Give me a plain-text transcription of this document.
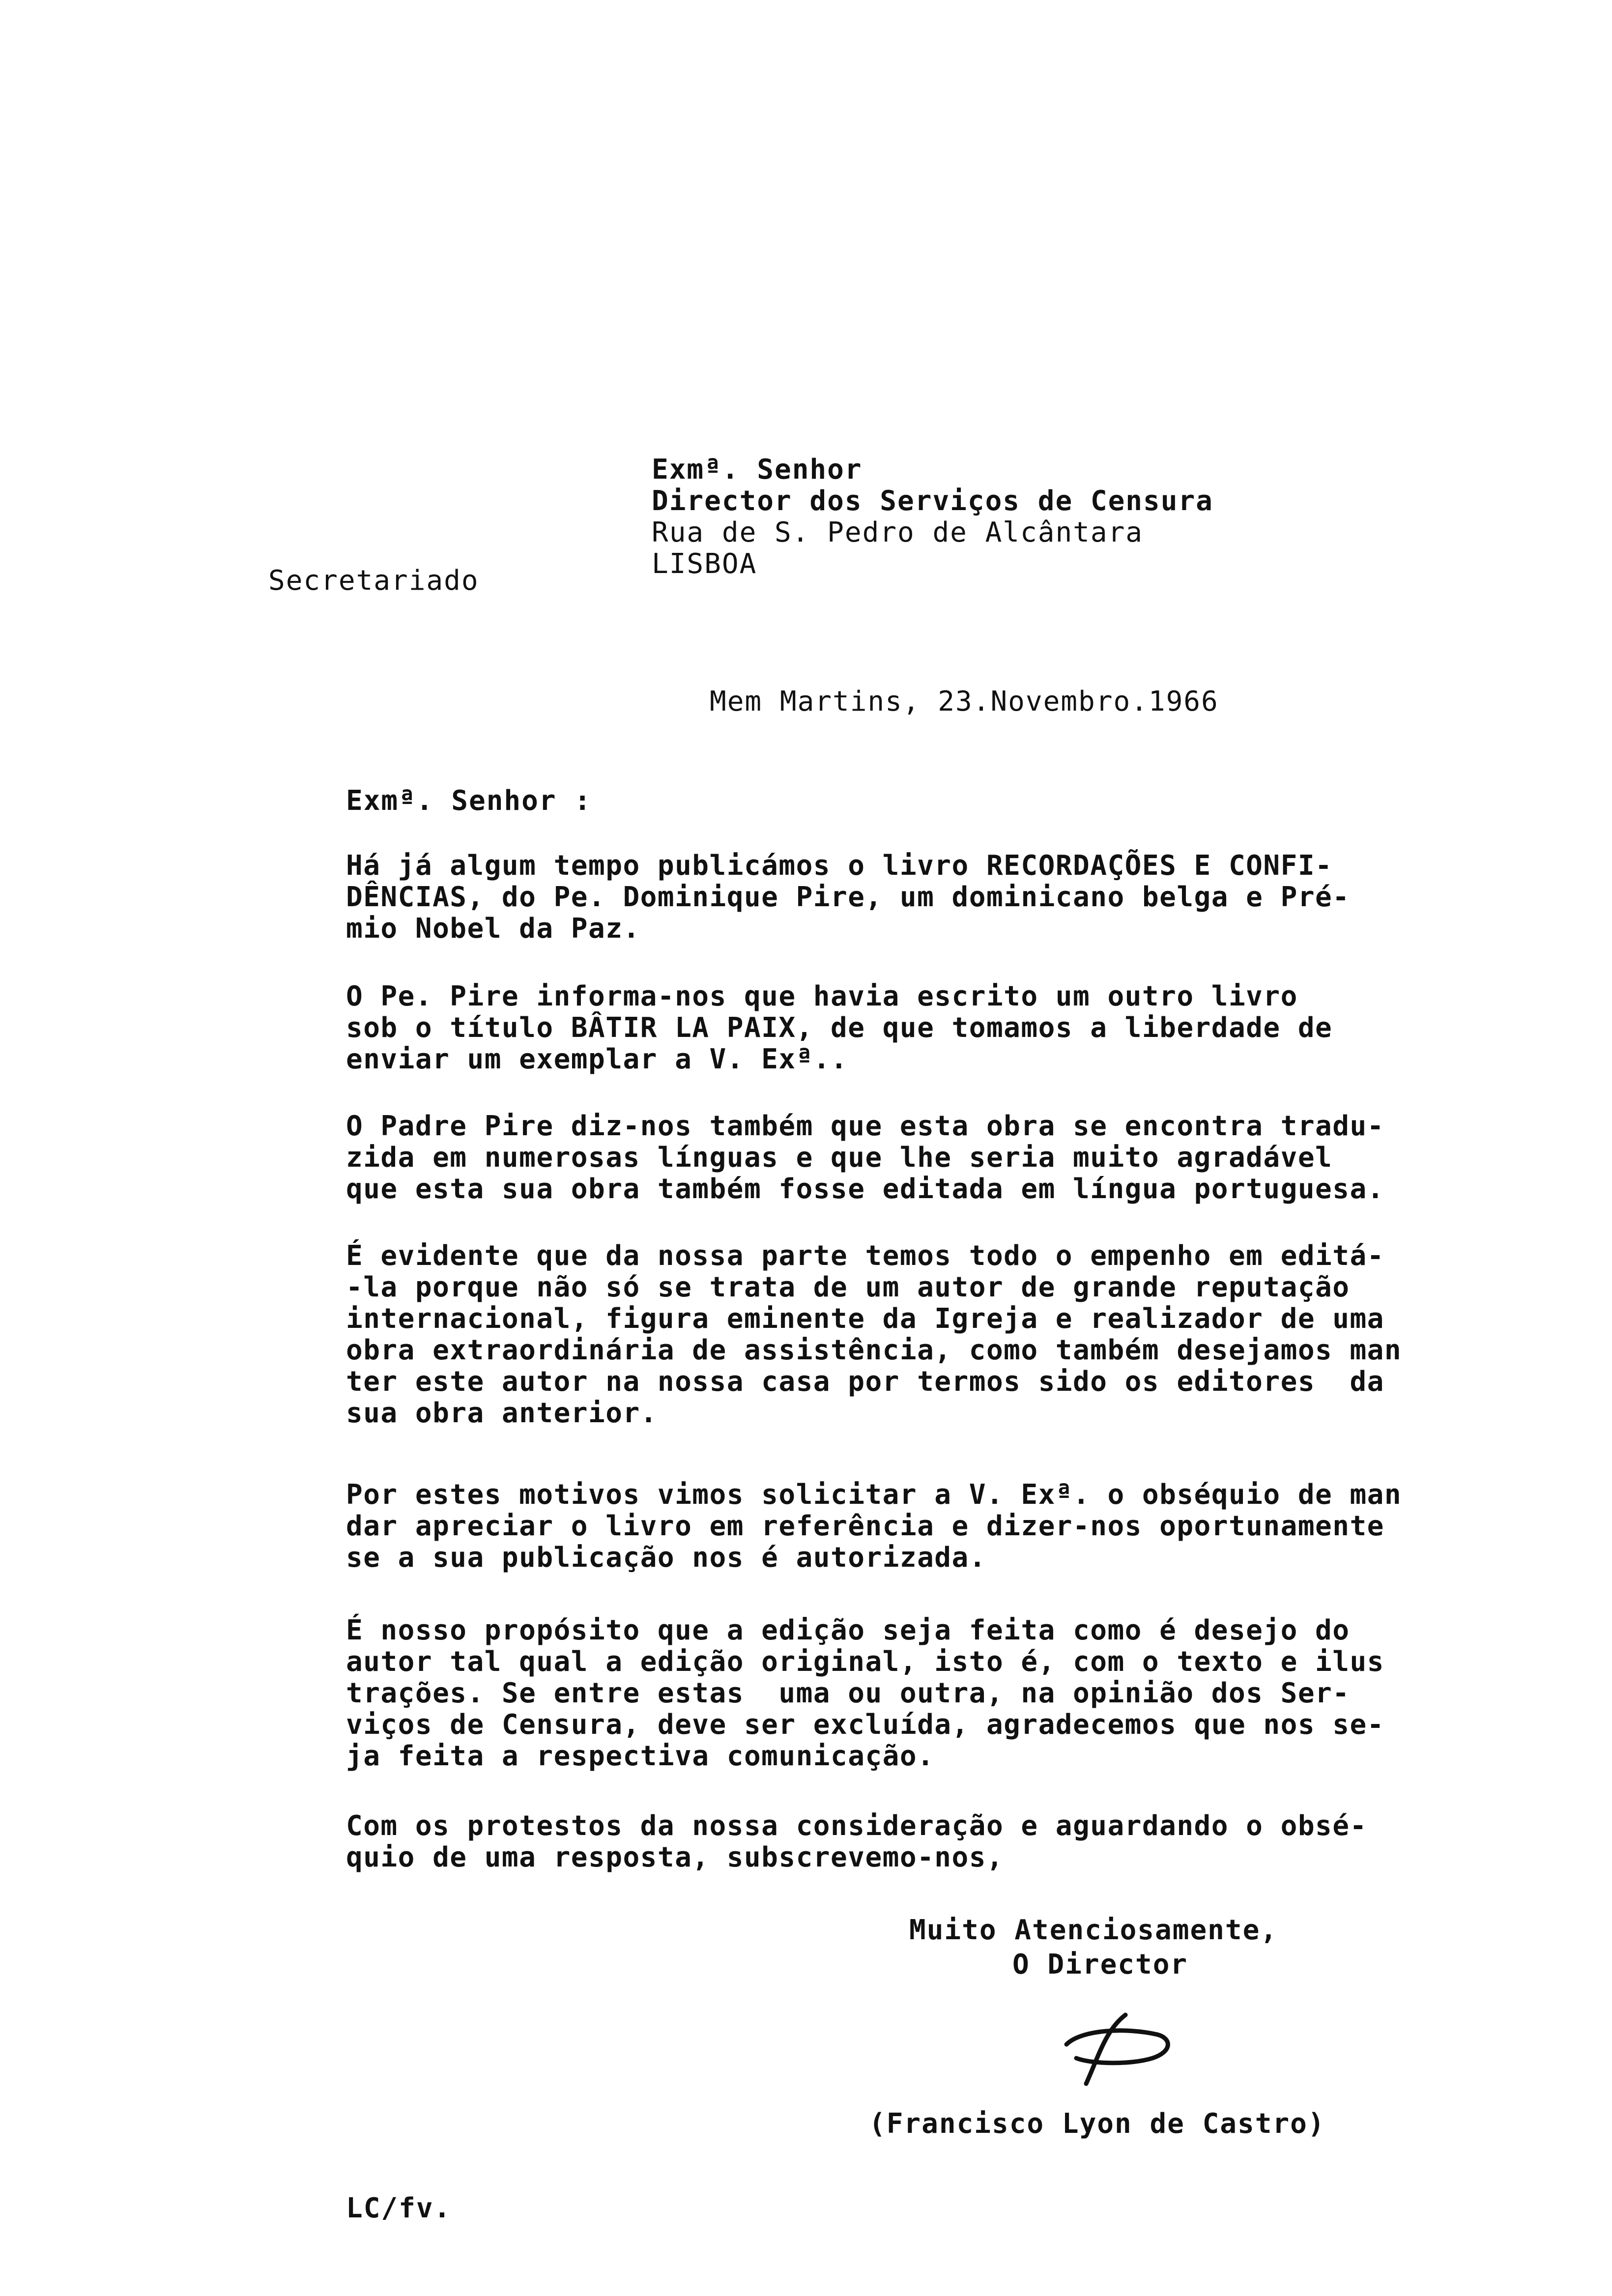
Exmª. Senhor
Director dos Serviços de Censura
Rua de S. Pedro de Alcântara
LISBOA
Secretariado
Mem Martins, 23.Novembro.1966
Exmª. Senhor :
Há já algum tempo publicámos o livro RECORDAÇÕES E CONFI-
DÊNCIAS, do Pe. Dominique Pire, um dominicano belga e Pré-
mio Nobel da Paz.
O Pe. Pire informa-nos que havia escrito um outro livro
sob o título BÂTIR LA PAIX, de que tomamos a liberdade de
enviar um exemplar a V. Exª..
O Padre Pire diz-nos também que esta obra se encontra tradu-
zida em numerosas línguas e que lhe seria muito agradável
que esta sua obra também fosse editada em língua portuguesa.
É evidente que da nossa parte temos todo o empenho em editá-
-la porque não só se trata de um autor de grande reputação
internacional, figura eminente da Igreja e realizador de uma
obra extraordinária de assistência, como também desejamos man
ter este autor na nossa casa por termos sido os editores  da
sua obra anterior.
Por estes motivos vimos solicitar a V. Exª. o obséquio de man
dar apreciar o livro em referência e dizer-nos oportunamente
se a sua publicação nos é autorizada.
É nosso propósito que a edição seja feita como é desejo do
autor tal qual a edição original, isto é, com o texto e ilus
trações. Se entre estas  uma ou outra, na opinião dos Ser-
viços de Censura, deve ser excluída, agradecemos que nos se-
ja feita a respectiva comunicação.
Com os protestos da nossa consideração e aguardando o obsé-
quio de uma resposta, subscrevemo-nos,
Muito Atenciosamente,
O Director
(Francisco Lyon de Castro)
LC/fv.
